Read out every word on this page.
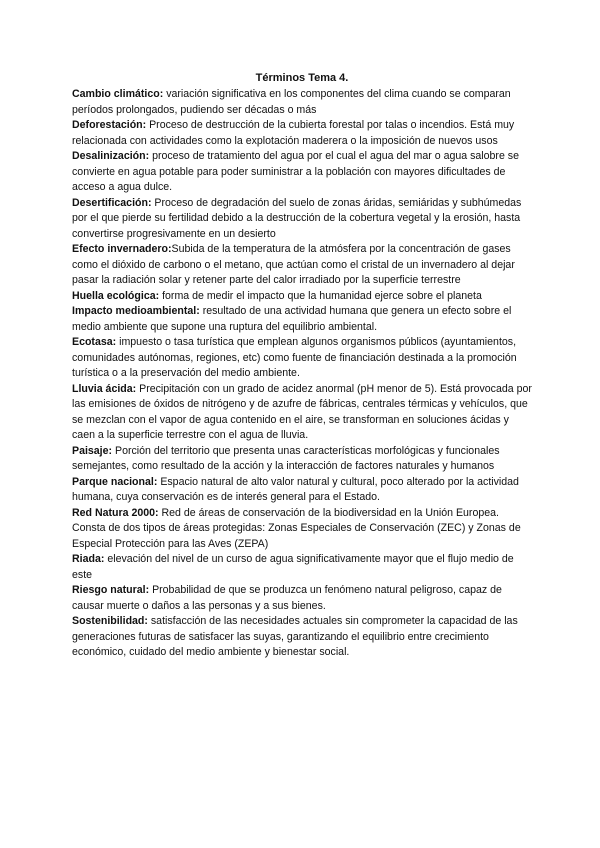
Términos Tema 4.

Cambio climático: variación significativa en los componentes del clima cuando se comparan períodos prolongados, pudiendo ser décadas o más

Deforestación: Proceso de destrucción de la cubierta forestal por talas o incendios. Está muy relacionada con actividades como la explotación maderera o la imposición de nuevos usos

Desalinización: proceso de tratamiento del agua por el cual el agua del mar o agua salobre se convierte en agua potable para poder suministrar a la población con mayores dificultades de acceso a agua dulce.

Desertificación: Proceso de degradación del suelo de zonas áridas, semiáridas y subhúmedas por el que pierde su fertilidad debido a la destrucción de la cobertura vegetal y la erosión, hasta convertirse progresivamente en un desierto

Efecto invernadero:Subida de la temperatura de la atmósfera por la concentración de gases como el dióxido de carbono o el metano, que actúan como el cristal de un invernadero al dejar pasar la radiación solar y retener parte del calor irradiado por la superficie terrestre

Huella ecológica: forma de medir el impacto que la humanidad ejerce sobre el planeta

Impacto medioambiental: resultado de una actividad humana que genera un efecto sobre el medio ambiente que supone una ruptura del equilibrio ambiental.

Ecotasa: impuesto o tasa turística que emplean algunos organismos públicos (ayuntamientos, comunidades autónomas, regiones, etc) como fuente de financiación destinada a la promoción turística o a la preservación del medio ambiente.

Lluvia ácida: Precipitación con un grado de acidez anormal (pH menor de 5). Está provocada por las emisiones de óxidos de nitrógeno y de azufre de fábricas, centrales térmicas y vehículos, que se mezclan con el vapor de agua contenido en el aire, se transforman en soluciones ácidas y caen a la superficie terrestre con el agua de lluvia.

Paisaje: Porción del territorio que presenta unas características morfológicas y funcionales semejantes, como resultado de la acción y la interacción de factores naturales y humanos

Parque nacional: Espacio natural de alto valor natural y cultural, poco alterado por la actividad humana, cuya conservación es de interés general para el Estado.

Red Natura 2000: Red de áreas de conservación de la biodiversidad en la Unión Europea. Consta de dos tipos de áreas protegidas: Zonas Especiales de Conservación (ZEC) y Zonas de Especial Protección para las Aves (ZEPA)

Riada: elevación del nivel de un curso de agua significativamente mayor que el flujo medio de este

Riesgo natural: Probabilidad de que se produzca un fenómeno natural peligroso, capaz de causar muerte o daños a las personas y a sus bienes.

Sostenibilidad: satisfacción de las necesidades actuales sin comprometer la capacidad de las generaciones futuras de satisfacer las suyas, garantizando el equilibrio entre crecimiento económico, cuidado del medio ambiente y bienestar social.
